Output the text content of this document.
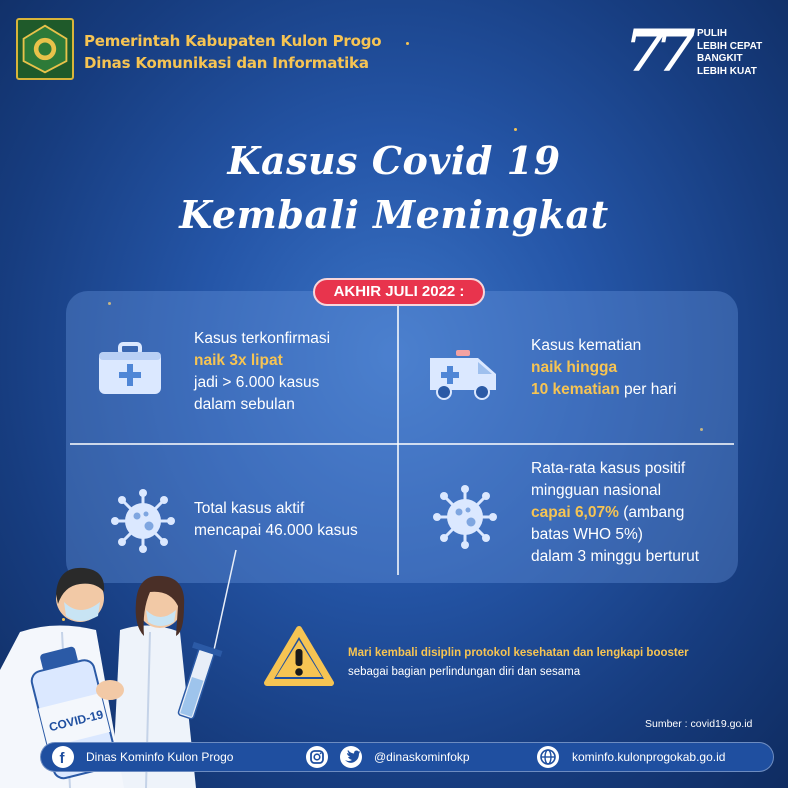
Pemerintah Kabupaten Kulon Progo
Dinas Komunikasi dan Informatika	77 PULIH
LEBIH CEPAT
BANGKIT
LEBIH KUAT
Kasus Covid 19
Kembali Meningkat
AKHIR JULI 2022 :
Kasus terkonfirmasi
naik 3x lipat
jadi > 6.000 kasus
dalam sebulan
Kasus kematian
naik hingga
10 kematian per hari
Total kasus aktif
mencapai 46.000 kasus
Rata-rata kasus positif
mingguan nasional
capai 6,07% (ambang
batas WHO 5%)
dalam 3 minggu berturut
COVID-19
Mari kembali disiplin protokol kesehatan dan lengkapi booster
sebagai bagian perlindungan diri dan sesama
Sumber : covid19.go.id
f Dinas Kominfo Kulon Progo	@dinaskominfokp	kominfo.kulonprogokab.go.id
